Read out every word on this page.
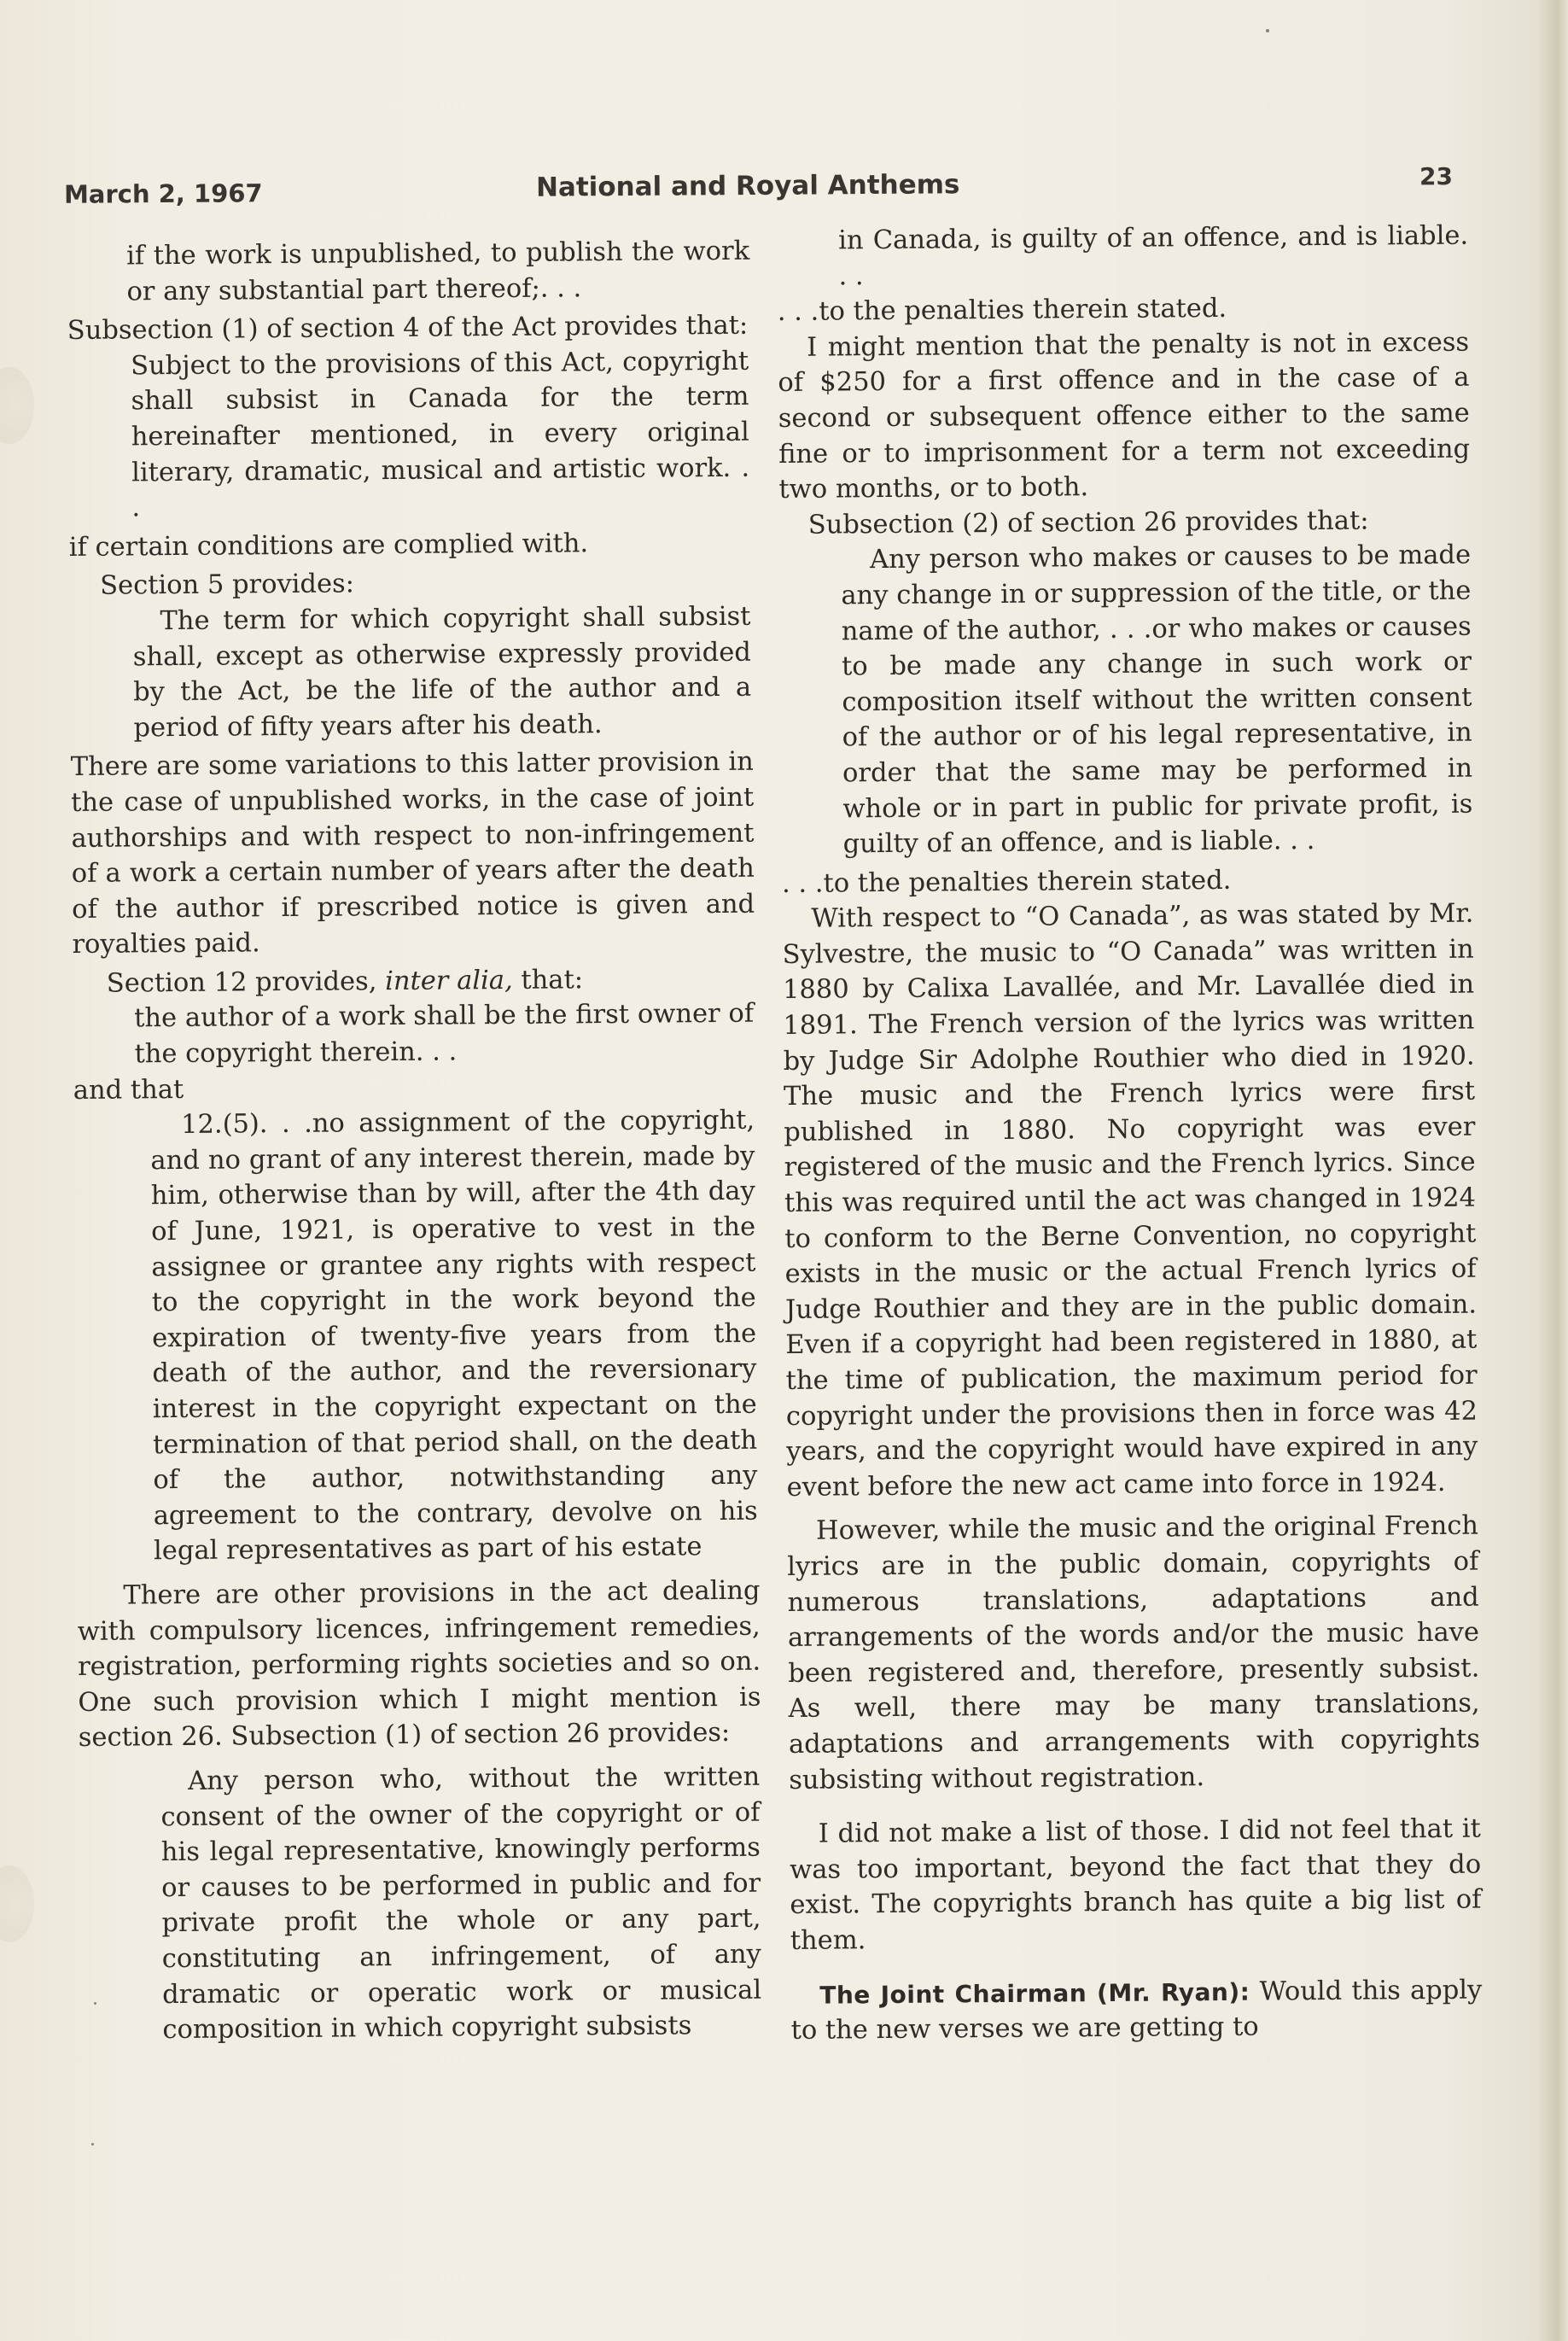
March 2, 1967	National and Royal Anthems	23

if the work is unpublished, to publish the work or any substantial part thereof;. . .

Subsection (1) of section 4 of the Act provides that:

Subject to the provisions of this Act, copyright shall subsist in Canada for the term hereinafter mentioned, in every original literary, dramatic, musical and artistic work. . .

if certain conditions are complied with.

Section 5 provides:

The term for which copyright shall subsist shall, except as otherwise expressly provided by the Act, be the life of the author and a period of fifty years after his death.

There are some variations to this latter provision in the case of unpublished works, in the case of joint authorships and with respect to non-infringement of a work a certain number of years after the death of the author if prescribed notice is given and royalties paid.

Section 12 provides, inter alia, that:

the author of a work shall be the first owner of the copyright therein. . .

and that

12.(5). . .no assignment of the copyright, and no grant of any interest therein, made by him, otherwise than by will, after the 4th day of June, 1921, is operative to vest in the assignee or grantee any rights with respect to the copyright in the work beyond the expiration of twenty-five years from the death of the author, and the reversionary interest in the copyright expectant on the termination of that period shall, on the death of the author, notwithstanding any agreement to the contrary, devolve on his legal representatives as part of his estate

There are other provisions in the act dealing with compulsory licences, infringement remedies, registration, performing rights societies and so on. One such provision which I might mention is section 26. Subsection (1) of section 26 provides:

Any person who, without the written consent of the owner of the copyright or of his legal representative, knowingly performs or causes to be performed in public and for private profit the whole or any part, constituting an infringement, of any dramatic or operatic work or musical composition in which copyright subsists

in Canada, is guilty of an offence, and is liable. . .

. . .to the penalties therein stated.

I might mention that the penalty is not in excess of $250 for a first offence and in the case of a second or subsequent offence either to the same fine or to imprisonment for a term not exceeding two months, or to both.

Subsection (2) of section 26 provides that:

Any person who makes or causes to be made any change in or suppression of the title, or the name of the author, . . .or who makes or causes to be made any change in such work or composition itself without the written consent of the author or of his legal representative, in order that the same may be performed in whole or in part in public for private profit, is guilty of an offence, and is liable. . .

. . .to the penalties therein stated.

With respect to “O Canada”, as was stated by Mr. Sylvestre, the music to “O Canada” was written in 1880 by Calixa Lavallée, and Mr. Lavallée died in 1891. The French version of the lyrics was written by Judge Sir Adolphe Routhier who died in 1920. The music and the French lyrics were first published in 1880. No copyright was ever registered of the music and the French lyrics. Since this was required until the act was changed in 1924 to conform to the Berne Convention, no copyright exists in the music or the actual French lyrics of Judge Routhier and they are in the public domain. Even if a copyright had been registered in 1880, at the time of publication, the maximum period for copyright under the provisions then in force was 42 years, and the copyright would have expired in any event before the new act came into force in 1924.

However, while the music and the original French lyrics are in the public domain, copyrights of numerous translations, adaptations and arrangements of the words and/or the music have been registered and, therefore, presently subsist. As well, there may be many translations, adaptations and arrangements with copyrights subsisting without registration.

I did not make a list of those. I did not feel that it was too important, beyond the fact that they do exist. The copyrights branch has quite a big list of them.

The Joint Chairman (Mr. Ryan): Would this apply to the new verses we are getting to
